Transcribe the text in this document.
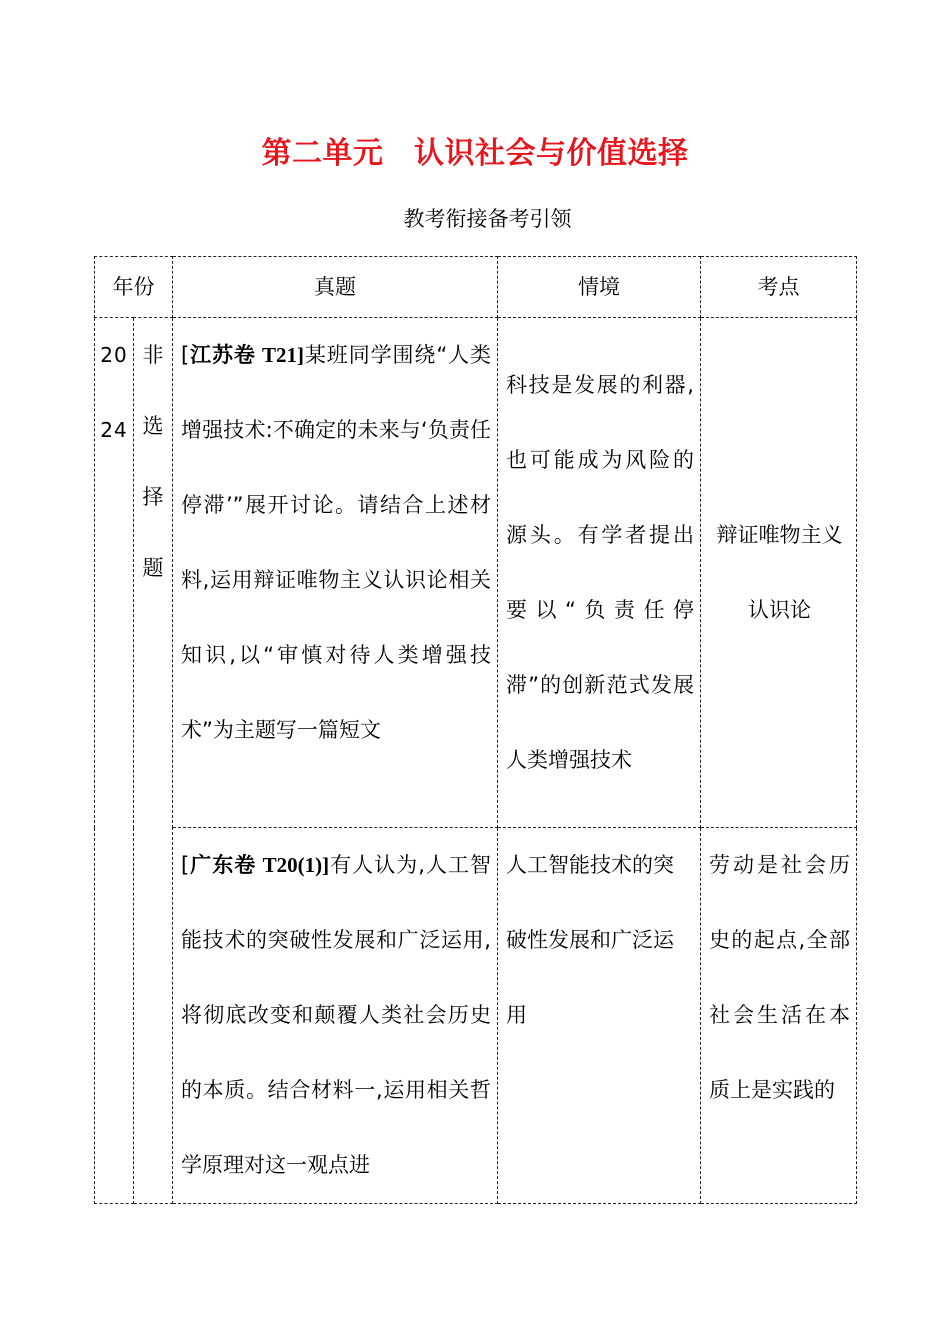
第二单元　认识社会与价值选择
教考衔接备考引领
年份		真题	情境	考点

2024	非选择题	[江苏卷 T21]某班同学围绕“人类增强技术:不确定的未来与‘负责任停滞’”展开讨论。请结合上述材料,运用辩证唯物主义认识论相关知识,以“审慎对待人类增强技术”为主题写一篇短文	科技是发展的利器,也可能成为风险的源头。有学者提出要以“负责任停滞”的创新范式发展人类增强技术	辩证唯物主义认识论

		[广东卷 T20(1)]有人认为,人工智能技术的突破性发展和广泛运用,将彻底改变和颠覆人类社会历史的本质。结合材料一,运用相关哲学原理对这一观点进	人工智能技术的突破性发展和广泛运用	劳动是社会历史的起点,全部社会生活在本质上是实践的
